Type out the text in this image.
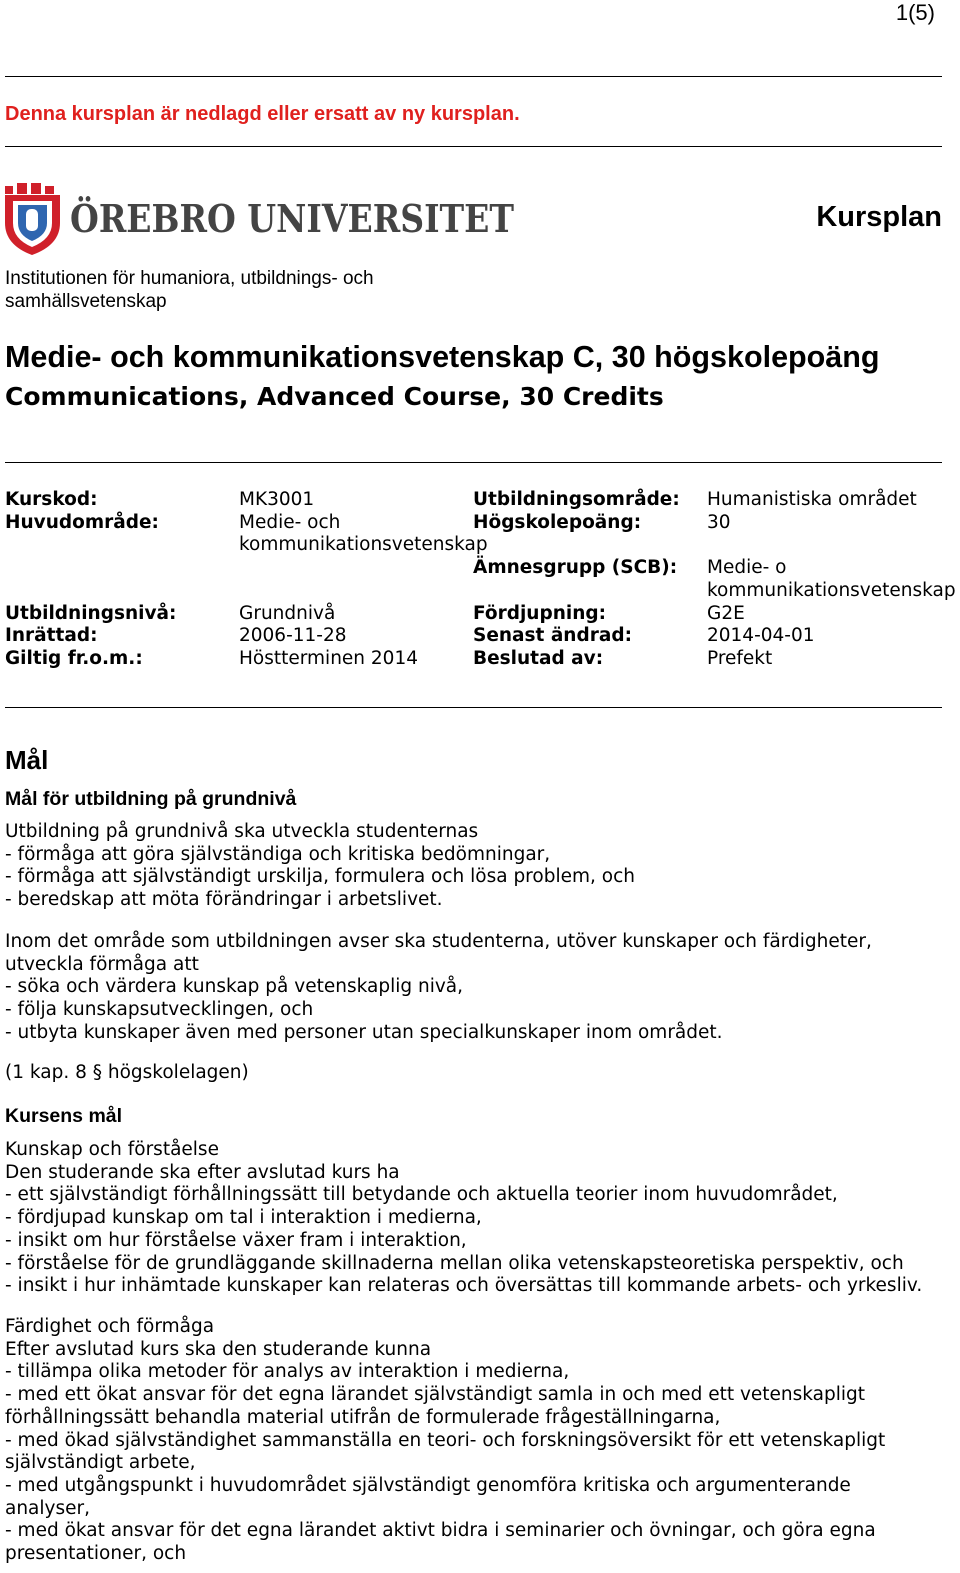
1(5)
Denna kursplan är nedlagd eller ersatt av ny kursplan.
ÖREBRO UNIVERSITET	Kursplan
Institutionen för humaniora, utbildnings- och
samhällsvetenskap
Medie- och kommunikationsvetenskap C, 30 högskolepoäng
Communications, Advanced Course, 30 Credits
Kurskod:	MK3001	Utbildningsområde:	Humanistiska området
Huvudområde:	Medie- och	Högskolepoäng:	30
kommunikationsvetenskap
Ämnesgrupp (SCB):	Medie- o
kommunikationsvetenskap
Utbildningsnivå:	Grundnivå	Fördjupning:	G2E
Inrättad:	2006-11-28	Senast ändrad:	2014-04-01
Giltig fr.o.m.:	Höstterminen 2014	Beslutad av:	Prefekt
Mål
Mål för utbildning på grundnivå
Utbildning på grundnivå ska utveckla studenternas
- förmåga att göra självständiga och kritiska bedömningar,
- förmåga att självständigt urskilja, formulera och lösa problem, och
- beredskap att möta förändringar i arbetslivet.
Inom det område som utbildningen avser ska studenterna, utöver kunskaper och färdigheter,
utveckla förmåga att
- söka och värdera kunskap på vetenskaplig nivå,
- följa kunskapsutvecklingen, och
- utbyta kunskaper även med personer utan specialkunskaper inom området.
(1 kap. 8 § högskolelagen)
Kursens mål
Kunskap och förståelse
Den studerande ska efter avslutad kurs ha
- ett självständigt förhållningssätt till betydande och aktuella teorier inom huvudområdet,
- fördjupad kunskap om tal i interaktion i medierna,
- insikt om hur förståelse växer fram i interaktion,
- förståelse för de grundläggande skillnaderna mellan olika vetenskapsteoretiska perspektiv, och
- insikt i hur inhämtade kunskaper kan relateras och översättas till kommande arbets- och yrkesliv.
Färdighet och förmåga
Efter avslutad kurs ska den studerande kunna
- tillämpa olika metoder för analys av interaktion i medierna,
- med ett ökat ansvar för det egna lärandet självständigt samla in och med ett vetenskapligt
förhållningssätt behandla material utifrån de formulerade frågeställningarna,
- med ökad självständighet sammanställa en teori- och forskningsöversikt för ett vetenskapligt
självständigt arbete,
- med utgångspunkt i huvudområdet självständigt genomföra kritiska och argumenterande
analyser,
- med ökat ansvar för det egna lärandet aktivt bidra i seminarier och övningar, och göra egna
presentationer, och
